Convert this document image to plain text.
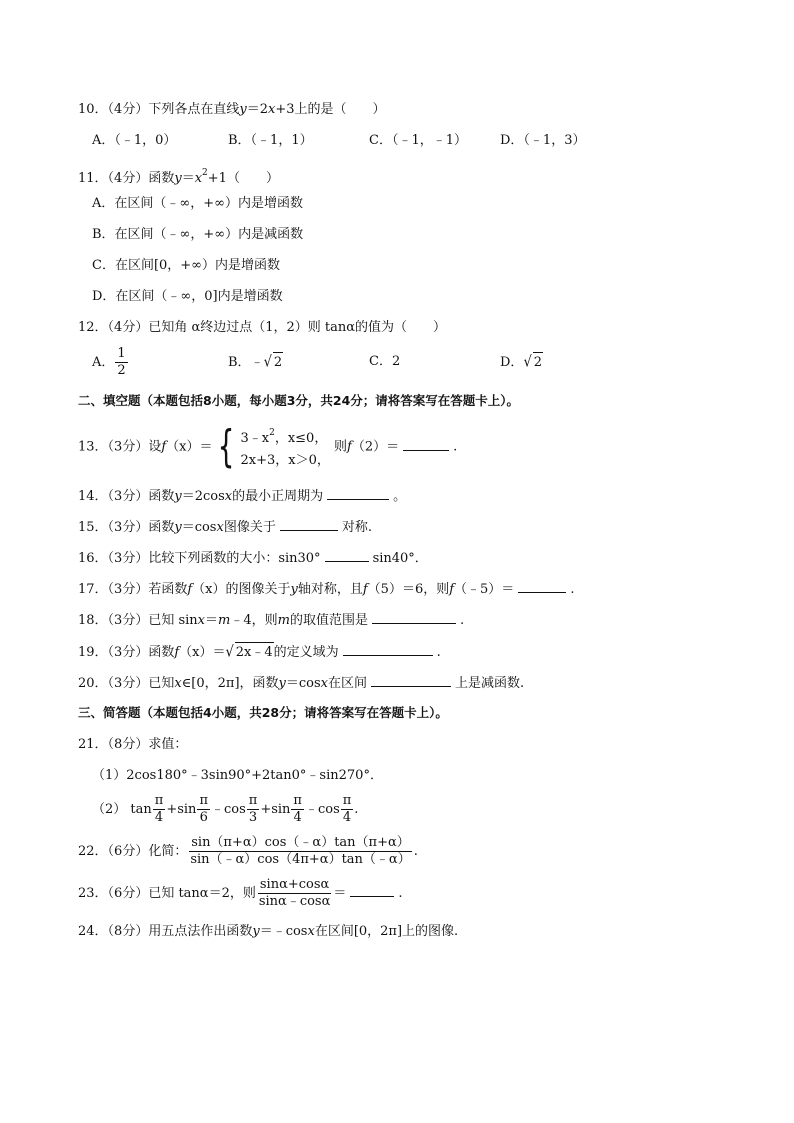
10．（4分）下列各点在直线y＝2x+3上的是（　　）
A．（﹣1，0）	B．（﹣1，1）	C．（﹣1，﹣1）	D．（﹣1，3）
11．（4分）函数$y=x^2+1$（　　）
A．在区间（﹣∞，+∞）内是增函数
B．在区间（﹣∞，+∞）内是减函数
C．在区间[0，+∞）内是增函数
D．在区间（﹣∞，0]内是增函数
12．（4分）已知角 α终边过点（1，2）则 tanα的值为（　　）
A． $\frac{1}{2}$	B．﹣√ 2	C．2	D．√ 2
二、填空题（本题包括8小题，每小题3分，共24分；请将答案写在答题卡上）。
13．（3分）设f（x）＝ { $3﹣x^2$，x≤0，
2x+3，x＞0，
则f（2）＝	.
14．（3分）函数y＝2cosx的最小正周期为	。
15．（3分）函数y＝cosx图像关于	对称.
16．（3分）比较下列函数的大小：sin30°	sin40°．
17．（3分）若函数f（x）的图像关于y轴对称，且f（5）＝6，则f（﹣5）＝	.
18．（3分）已知 sinx＝m﹣4，则m的取值范围是	.
19．（3分）函数f（x）＝√ 2x﹣4的定义域为	.
20．（3分）已知x∈[0，2π]，函数y＝cosx在区间	上是减函数.
三、简答题（本题包括4小题，共28分；请将答案写在答题卡上）。
21．（8分）求值：
（1）2cos180°﹣3sin90°+2tan0°﹣sin270°．
（2） $\tan \frac{\pi}{4} +\sin \frac{\pi}{6}$ ﹣cos $\frac{\pi}{3} +\sin \frac{\pi}{4}$ ﹣cos $\frac{\pi}{4}$ .
22．（6分）化简： $\frac{\sin(\pi+\alpha)\cos(﹣\alpha)\tan(\pi+\alpha)}{\sin(﹣\alpha)\cos(4\pi+\alpha)\tan(﹣\alpha)}$ .
23．（6分）已知 tanα＝2，则 $\frac{\sin\alpha+\cos\alpha}{\sin\alpha﹣\cos\alpha}$ ＝	.
24．（8分）用五点法作出函数y＝﹣cosx在区间[0，2π]上的图像.
